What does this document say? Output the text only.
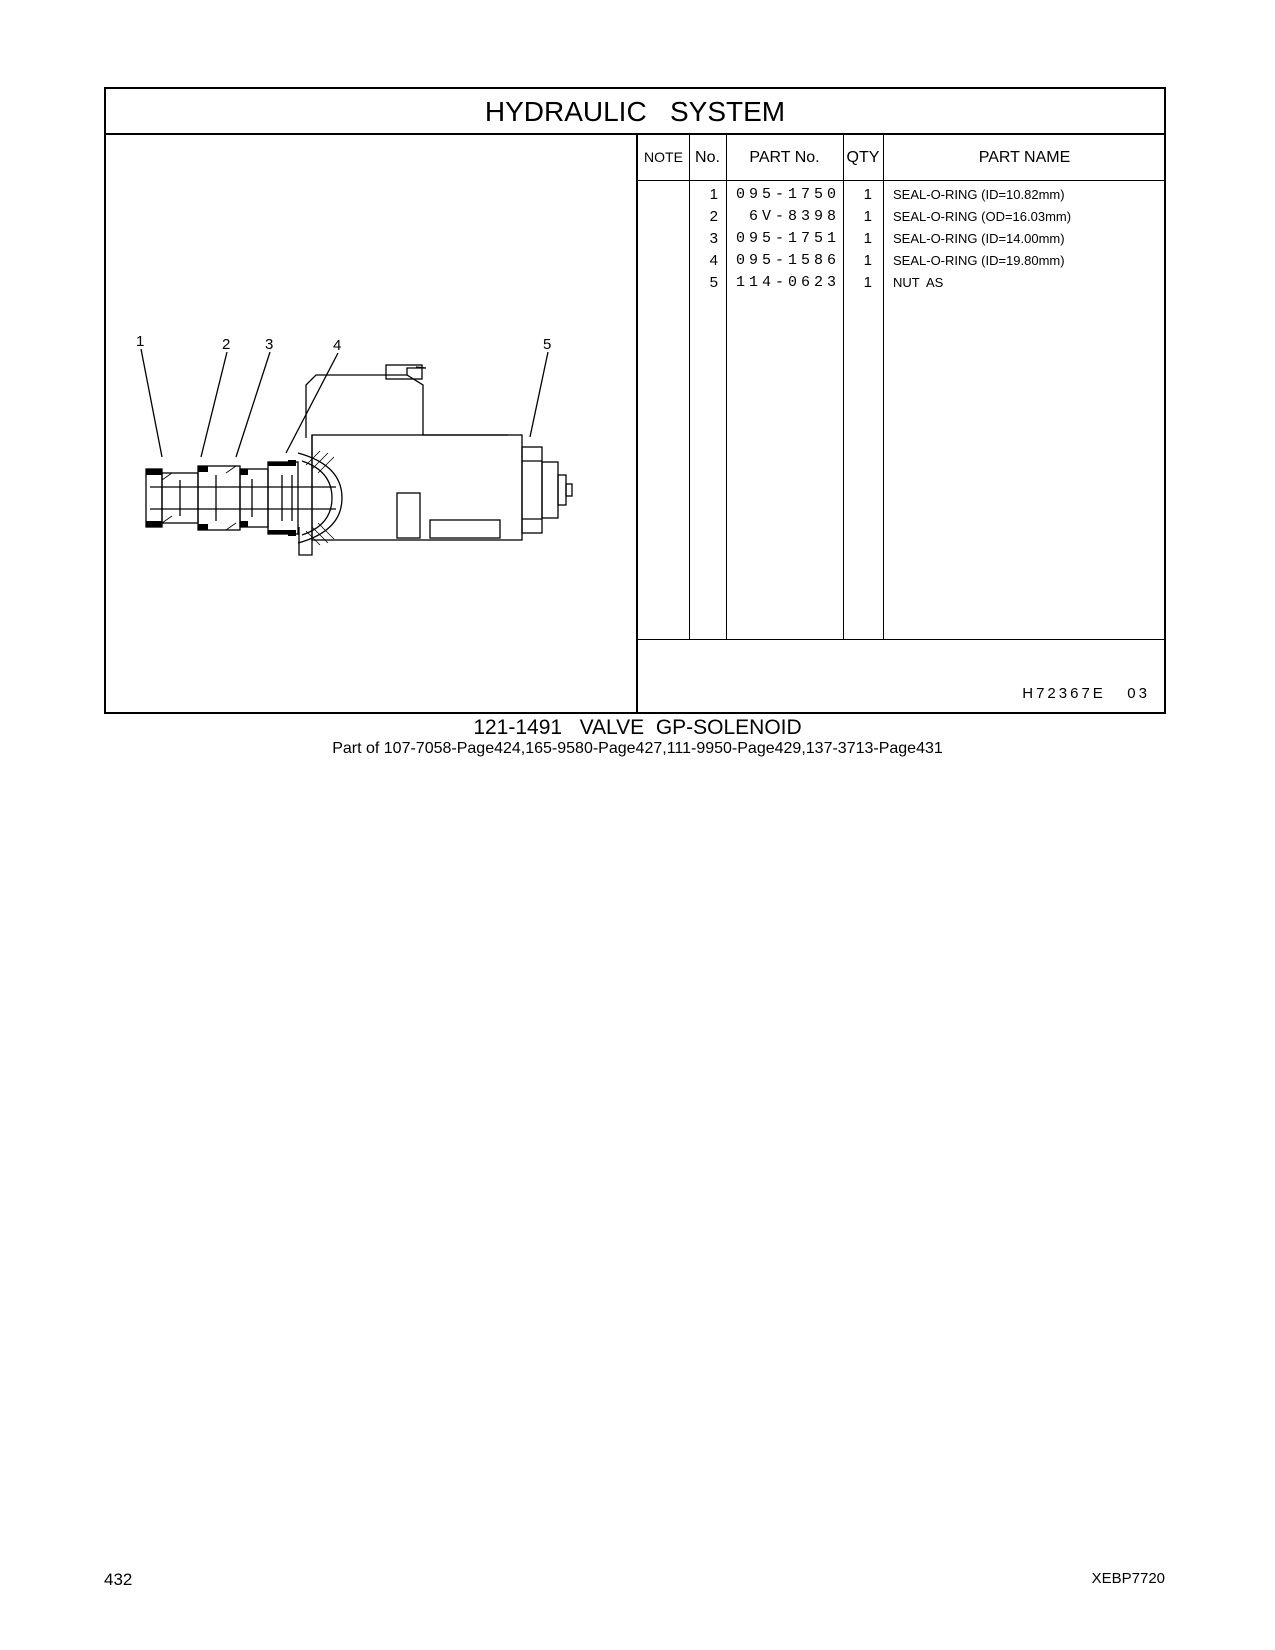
HYDRAULIC   SYSTEM
1	2 3	4	5
NOTE No.	PART No.	QTY	PART NAME
1 095-1750	1 SEAL-O-RING (ID=10.82mm)
2 6V-8398	1 SEAL-O-RING (OD=16.03mm)
3 095-1751	1 SEAL-O-RING (ID=14.00mm)
4 095-1586	1 SEAL-O-RING (ID=19.80mm)
5 114-0623	1 NUT  AS
H72367E   03
121-1491   VALVE  GP-SOLENOID
Part of 107-7058-Page424,165-9580-Page427,111-9950-Page429,137-3713-Page431
432	XEBP7720
